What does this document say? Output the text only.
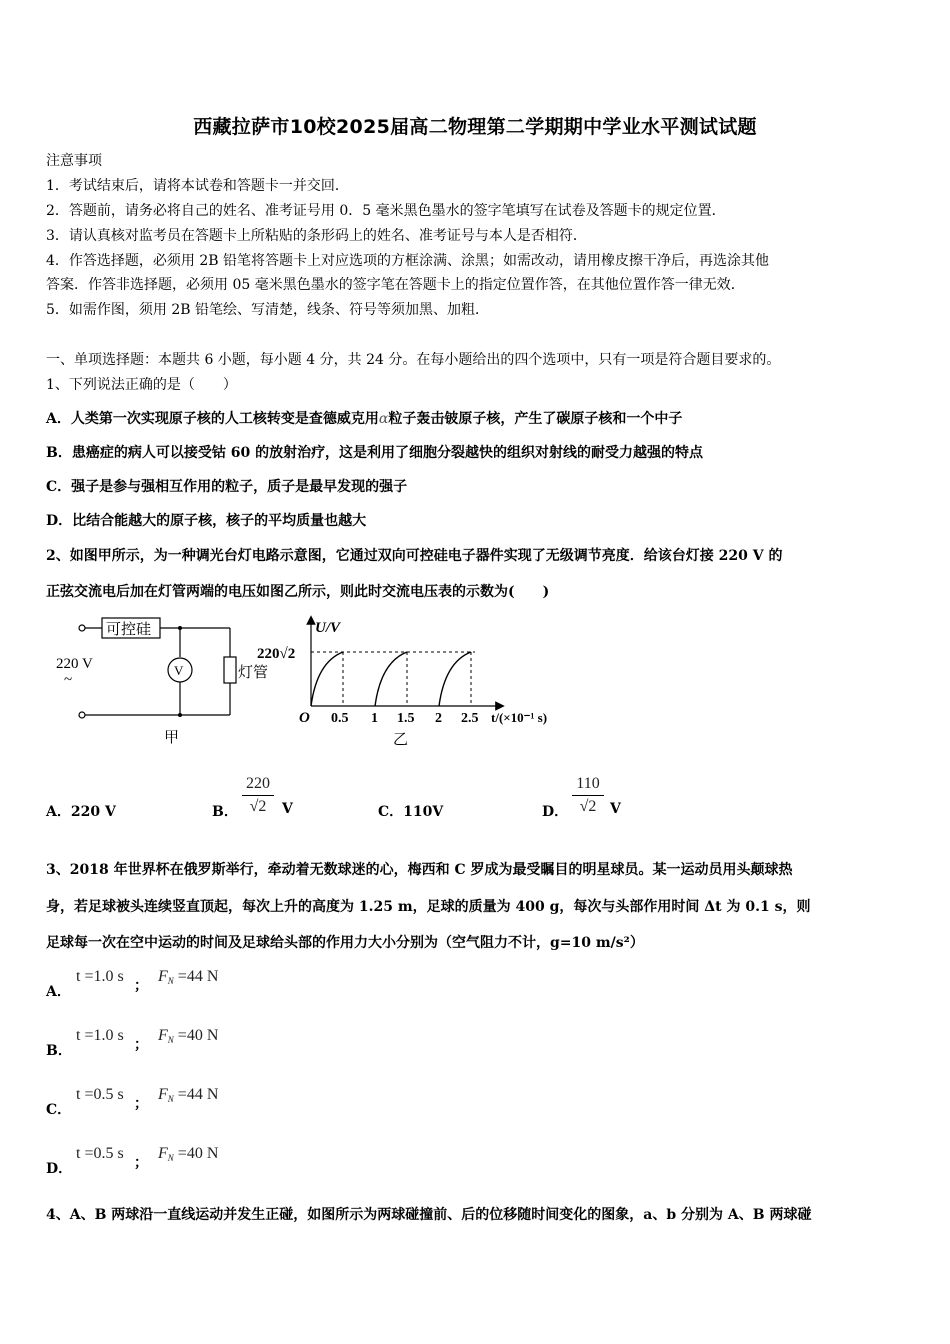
西藏拉萨市10校2025届高二物理第二学期期中学业水平测试试题
注意事项
1．考试结束后，请将本试卷和答题卡一并交回．
2．答题前，请务必将自己的姓名、准考证号用 0．5 毫米黑色墨水的签字笔填写在试卷及答题卡的规定位置．
3．请认真核对监考员在答题卡上所粘贴的条形码上的姓名、准考证号与本人是否相符．
4．作答选择题，必须用 2B 铅笔将答题卡上对应选项的方框涂满、涂黑；如需改动，请用橡皮擦干净后，再选涂其他
答案．作答非选择题，必须用 05 毫米黑色墨水的签字笔在答题卡上的指定位置作答，在其他位置作答一律无效．
5．如需作图，须用 2B 铅笔绘、写清楚，线条、符号等须加黑、加粗．
一、单项选择题：本题共 6 小题，每小题 4 分，共 24 分。在每小题给出的四个选项中，只有一项是符合题目要求的。
1、下列说法正确的是（　　）
A．人类第一次实现原子核的人工核转变是查德威克用α粒子轰击铍原子核，产生了碳原子核和一个中子
B．患癌症的病人可以接受钴 60 的放射治疗，这是利用了细胞分裂越快的组织对射线的耐受力越强的特点
C．强子是参与强相互作用的粒子，质子是最早发现的强子
D．比结合能越大的原子核，核子的平均质量也越大
2、如图甲所示，为一种调光台灯电路示意图，它通过双向可控硅电子器件实现了无级调节亮度．给该台灯接 220 V 的
正弦交流电后加在灯管两端的电压如图乙所示，则此时交流电压表的示数为(　　)
可控硅
220 V
~
V	灯管
甲
U/V
220√2
O 0.5 1 1.5 2 2.5 t/(×10⁻¹ s)
乙
A．220 V	B．
220
√2	V	C．110V	D．
110
√2 V
3、2018 年世界杯在俄罗斯举行，牵动着无数球迷的心，梅西和 C 罗成为最受瞩目的明星球员。某一运动员用头颠球热
身，若足球被头连续竖直顶起，每次上升的高度为 1.25 m，足球的质量为 400 g，每次与头部作用时间 Δt 为 0.1 s，则
足球每一次在空中运动的时间及足球给头部的作用力大小分别为（空气阻力不计，g=10 m/s²）
A．
t =1.0 s
；
$F_N =44$ N
B．
t =1.0 s
；
$F_N =40$ N
C．
t =0.5 s
；
$F_N =44$ N
D．
t =0.5 s
；
$F_N =40$ N
4、A、B 两球沿一直线运动并发生正碰，如图所示为两球碰撞前、后的位移随时间变化的图象，a、b 分别为 A、B 两球碰
